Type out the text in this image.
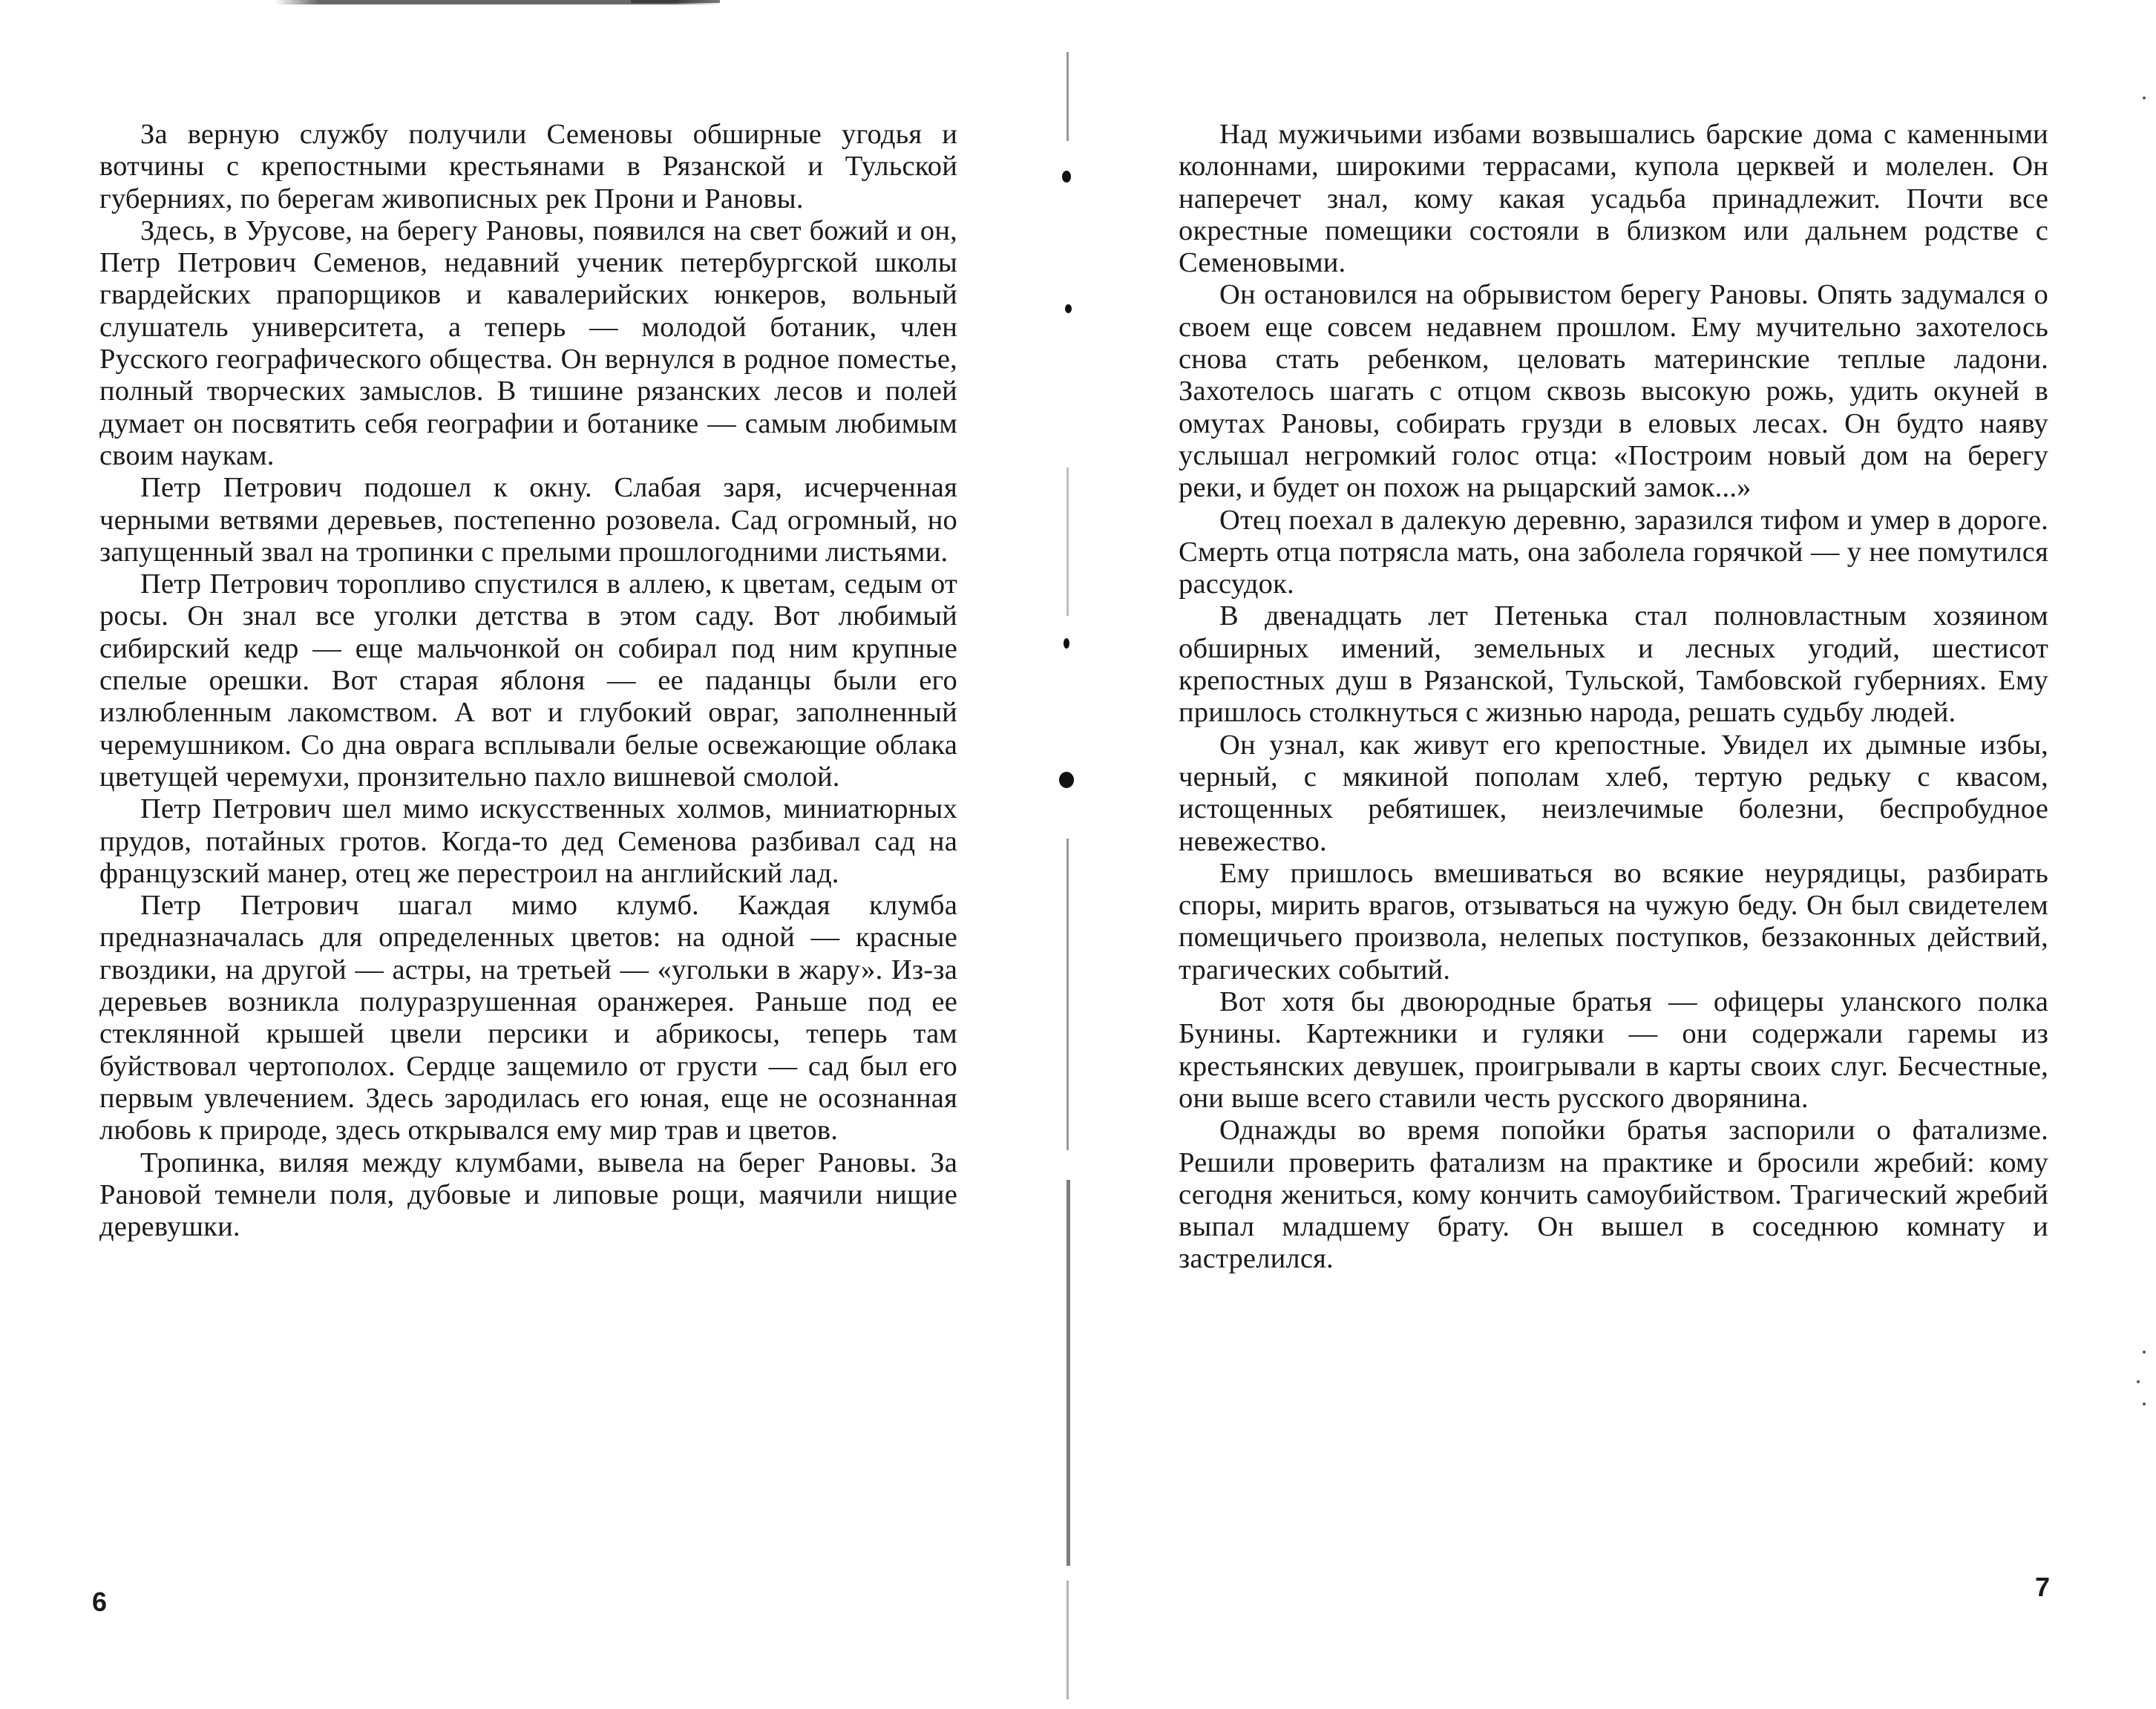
За верную службу получили Семеновы обширные угодья и вотчины с крепостными крестьянами в Рязанской и Тульской губерниях, по берегам живописных рек Прони и Рановы.

Здесь, в Урусове, на берегу Рановы, появился на свет божий и он, Петр Петрович Семенов, недавний ученик петербургской школы гвардейских прапорщиков и кавалерийских юнкеров, вольный слушатель университета, а теперь — молодой ботаник, член Русского географического общества. Он вернулся в родное поместье, полный творческих замыслов. В тишине рязанских лесов и полей думает он посвятить себя географии и ботанике — самым любимым своим наукам.

Петр Петрович подошел к окну. Слабая заря, исчерченная черными ветвями деревьев, постепенно розовела. Сад огромный, но запущенный звал на тропинки с прелыми прошлогодними листьями.

Петр Петрович торопливо спустился в аллею, к цветам, седым от росы. Он знал все уголки детства в этом саду. Вот любимый сибирский кедр — еще мальчонкой он собирал под ним крупные спелые орешки. Вот старая яблоня — ее паданцы были его излюбленным лакомством. А вот и глубокий овраг, заполненный черемушником. Со дна оврага всплывали белые освежающие облака цветущей черемухи, пронзительно пахло вишневой смолой.

Петр Петрович шел мимо искусственных холмов, миниатюрных прудов, потайных гротов. Когда-то дед Семенова разбивал сад на французский манер, отец же перестроил на английский лад.

Петр Петрович шагал мимо клумб. Каждая клумба предназначалась для определенных цветов: на одной — красные гвоздики, на другой — астры, на третьей — «угольки в жару». Из-за деревьев возникла полуразрушенная оранжерея. Раньше под ее стеклянной крышей цвели персики и абрикосы, теперь там буйствовал чертополох. Сердце защемило от грусти — сад был его первым увлечением. Здесь зародилась его юная, еще не осознанная любовь к природе, здесь открывался ему мир трав и цветов.

Тропинка, виляя между клумбами, вывела на берег Рановы. За Рановой темнели поля, дубовые и липовые рощи, маячили нищие деревушки.

Над мужичьими избами возвышались барские дома с каменными колоннами, широкими террасами, купола церквей и молелен. Он наперечет знал, кому какая усадьба принадлежит. Почти все окрестные помещики состояли в близком или дальнем родстве с Семеновыми.

Он остановился на обрывистом берегу Рановы. Опять задумался о своем еще совсем недавнем прошлом. Ему мучительно захотелось снова стать ребенком, целовать материнские теплые ладони. Захотелось шагать с отцом сквозь высокую рожь, удить окуней в омутах Рановы, собирать грузди в еловых лесах. Он будто наяву услышал негромкий голос отца: «Построим новый дом на берегу реки, и будет он похож на рыцарский замок...»

Отец поехал в далекую деревню, заразился тифом и умер в дороге. Смерть отца потрясла мать, она заболела горячкой — у нее помутился рассудок.

В двенадцать лет Петенька стал полновластным хозяином обширных имений, земельных и лесных угодий, шестисот крепостных душ в Рязанской, Тульской, Тамбовской губерниях. Ему пришлось столкнуться с жизнью народа, решать судьбу людей.

Он узнал, как живут его крепостные. Увидел их дымные избы, черный, с мякиной пополам хлеб, тертую редьку с квасом, истощенных ребятишек, неизлечимые болезни, беспробудное невежество.

Ему пришлось вмешиваться во всякие неурядицы, разбирать споры, мирить врагов, отзываться на чужую беду. Он был свидетелем помещичьего произвола, нелепых поступков, беззаконных действий, трагических событий.

Вот хотя бы двоюродные братья — офицеры уланского полка Бунины. Картежники и гуляки — они содержали гаремы из крестьянских девушек, проигрывали в карты своих слуг. Бесчестные, они выше всего ставили честь русского дворянина.

Однажды во время попойки братья заспорили о фатализме. Решили проверить фатализм на практике и бросили жребий: кому сегодня жениться, кому кончить самоубийством. Трагический жребий выпал младшему брату. Он вышел в соседнюю комнату и застрелился.

6	7
